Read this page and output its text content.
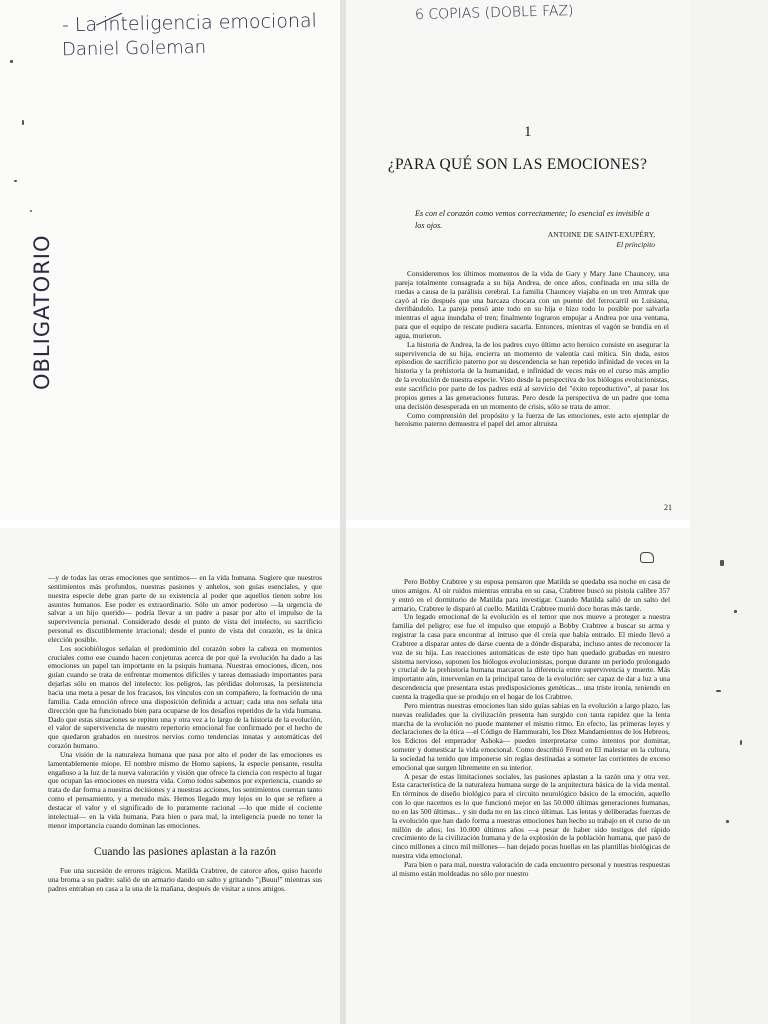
- La inteligencia emocional
Daniel Goleman
OBLIGATORIO
6 COPIAS (DOBLE FAZ)
1
¿PARA QUÉ SON LAS EMOCIONES?
Es con el corazón como vemos correctamente; lo esencial es invisible a los ojos.
ANTOINE DE SAINT-EXUPÉRY,
El principito

Consideremos los últimos momentos de la vida de Gary y Mary Jane Chauncey, una pareja totalmente consagrada a su hija Andrea, de once años, confinada en una silla de ruedas a causa de la parálisis cerebral. La familia Chauncey viajaba en un tren Amtrak que cayó al río después que una barcaza chocara con un puente del ferrocarril en Luisiana, derribándolo. La pareja pensó ante todo en su hija e hizo todo lo posible por salvarla mientras el agua inundaba el tren; finalmente lograron empujar a Andrea por una ventana, para que el equipo de rescate pudiera sacarla. Entonces, mientras el vagón se hundía en el agua, murieron.

La historia de Andrea, la de los padres cuyo último acto heroico consiste en asegurar la supervivencia de su hija, encierra un momento de valentía casi mítica. Sin duda, estos episodios de sacrificio paterno por su descendencia se han repetido infinidad de veces en la historia y la prehistoria de la humanidad, e infinidad de veces más en el curso más amplio de la evolución de nuestra especie. Visto desde la perspectiva de los biólogos evolucionistas, este sacrificio por parte de los padres está al servicio del "éxito reproductivo", al pasar los propios genes a las generaciones futuras. Pero desde la perspectiva de un padre que toma una decisión desesperada en un momento de crisis, sólo se trata de amor.

Como comprensión del propósito y la fuerza de las emociones, este acto ejemplar de heroísmo paterno demuestra el papel del amor altruista

21

—y de todas las otras emociones que sentimos— en la vida humana. Sugiere que nuestros sentimientos más profundos, nuestras pasiones y anhelos, son guías esenciales, y que nuestra especie debe gran parte de su existencia al poder que aquellos tienen sobre los asuntos humanos. Ese poder es extraordinario. Sólo un amor poderoso —la urgencia de salvar a un hijo querido— podría llevar a un padre a pasar por alto el impulso de la supervivencia personal. Considerado desde el punto de vista del intelecto, su sacrificio personal es discutiblemente irracional; desde el punto de vista del corazón, es la única elección posible.

Los sociobiólogos señalan el predominio del corazón sobre la cabeza en momentos cruciales como ese cuando hacen conjeturas acerca de por qué la evolución ha dado a las emociones un papel tan importante en la psiquis humana. Nuestras emociones, dicen, nos guían cuando se trata de enfrentar momentos difíciles y tareas demasiado importantes para dejarlas sólo en manos del intelecto: los peligros, las pérdidas dolorosas, la persistencia hacia una meta a pesar de los fracasos, los vínculos con un compañero, la formación de una familia. Cada emoción ofrece una disposición definida a actuar; cada una nos señala una dirección que ha funcionado bien para ocuparse de los desafíos repetidos de la vida humana. Dado que estas situaciones se repiten una y otra vez a lo largo de la historia de la evolución, el valor de supervivencia de nuestro repertorio emocional fue confirmado por el hecho de que quedaron grabados en nuestros nervios como tendencias innatas y automáticas del corazón humano.

Una visión de la naturaleza humana que pasa por alto el poder de las emociones es lamentablemente miope. El nombre mismo de Homo sapiens, la especie pensante, resulta engañoso a la luz de la nueva valoración y visión que ofrece la ciencia con respecto al lugar que ocupan las emociones en nuestra vida. Como todos sabemos por experiencia, cuando se trata de dar forma a nuestras decisiones y a nuestras acciones, los sentimientos cuentan tanto como el pensamiento, y a menudo más. Hemos llegado muy lejos en lo que se refiere a destacar el valor y el significado de lo puramente racional —lo que mide el cociente intelectual— en la vida humana. Para bien o para mal, la inteligencia puede no tener la menor importancia cuando dominan las emociones.

Cuando las pasiones aplastan a la razón

Fue una sucesión de errores trágicos. Matilda Crabtree, de catorce años, quiso hacerle una broma a su padre: salió de un armario dando un salto y gritando "¡Buuu!" mientras sus padres entraban en casa a la una de la mañana, después de visitar a unos amigos.

Pero Bobby Crabtree y su esposa pensaron que Matilda se quedaba esa noche en casa de unos amigos. Al oír ruidos mientras entraba en su casa, Crabtree buscó su pistola calibre 357 y entró en el dormitorio de Matilda para investigar. Cuando Matilda salió de un salto del armario, Crabtree le disparó al cuello. Matilda Crabtree murió doce horas más tarde.

Un legado emocional de la evolución es el temor que nos mueve a proteger a nuestra familia del peligro; ese fue el impulso que empujó a Bobby Crabtree a buscar su arma y registrar la casa para encontrar al intruso que él creía que había entrado. El miedo llevó a Crabtree a disparar antes de darse cuenta de a dónde disparaba, incluso antes de reconocer la voz de su hija. Las reacciones automáticas de este tipo han quedado grabadas en nuestro sistema nervioso, suponen los biólogos evolucionistas, porque durante un período prolongado y crucial de la prehistoria humana marcaron la diferencia entre supervivencia y muerte. Más importante aún, intervenían en la principal tarea de la evolución: ser capaz de dar a luz a una descendencia que presentara estas predisposiciones genéticas... una triste ironía, teniendo en cuenta la tragedia que se produjo en el hogar de los Crabtree.

Pero mientras nuestras emociones han sido guías sabias en la evolución a largo plazo, las nuevas realidades que la civilización presenta han surgido con tanta rapidez que la lenta marcha de la evolución no puede mantener el mismo ritmo. En efecto, las primeras leyes y declaraciones de la ética —el Código de Hammurabi, los Diez Mandamientos de los Hebreos, los Edictos del emperador Ashoka— pueden interpretarse como intentos por dominar, someter y domesticar la vida emocional. Como describió Freud en El malestar en la cultura, la sociedad ha tenido que imponerse sin reglas destinadas a someter las corrientes de exceso emocional que surgen libremente en su interior.

A pesar de estas limitaciones sociales, las pasiones aplastan a la razón una y otra vez. Esta característica de la naturaleza humana surge de la arquitectura básica de la vida mental. En términos de diseño biológico para el circuito neurológico básico de la emoción, aquello con lo que nacemos es lo que funcionó mejor en las 50.000 últimas generaciones humanas, no en las 500 últimas... y sin duda no en las cinco últimas. Las lentas y deliberadas fuerzas de la evolución que han dado forma a nuestras emociones han hecho su trabajo en el curso de un millón de años; los 10.000 últimos años —a pesar de haber sido testigos del rápido crecimiento de la civilización humana y de la explosión de la población humana, que pasó de cinco millones a cinco mil millones— han dejado pocas huellas en las plantillas biológicas de nuestra vida emocional.

Para bien o para mal, nuestra valoración de cada encuentro personal y nuestras respuestas al mismo están moldeadas no sólo por nuestro
